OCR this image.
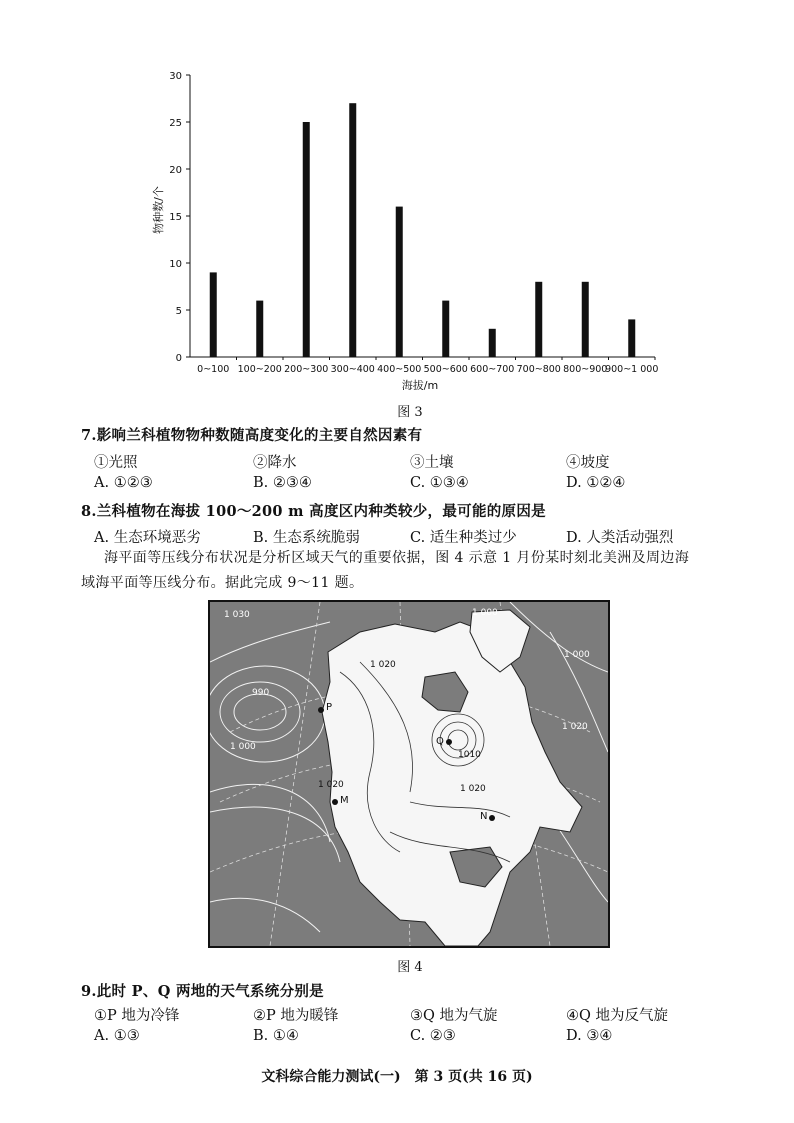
0
5
10
15
20
25
30
0~100 100~200 200~300 300~400 400~500 500~600 600~700 700~800 800~900
900~1 000
物种数/个
海拔/m
图 3
7.影响兰科植物物种数随高度变化的主要自然因素有
①光照	②降水	③土壤	④坡度
A. ①②③	B. ②③④	C. ①③④	D. ①②④
8.兰科植物在海拔 100～200 m 高度区内种类较少，最可能的原因是
A. 生态环境恶劣	B. 生态系统脆弱	C. 适生种类过少	D. 人类活动强烈
海平面等压线分布状况是分析区域天气的重要依据，图 4 示意 1 月份某时刻北美洲及周边海
域海平面等压线分布。据此完成 9～11 题。
P
Q
M
N
990
1 000
1 000
1 000
1010
1 030
1 020
1 020	1 020
1 020
图 4
9.此时 P、Q 两地的天气系统分别是
①P 地为冷锋	②P 地为暖锋	③Q 地为气旋	④Q 地为反气旋
A. ①③	B. ①④	C. ②③	D. ③④
文科综合能力测试(一)　第 3 页(共 16 页)
